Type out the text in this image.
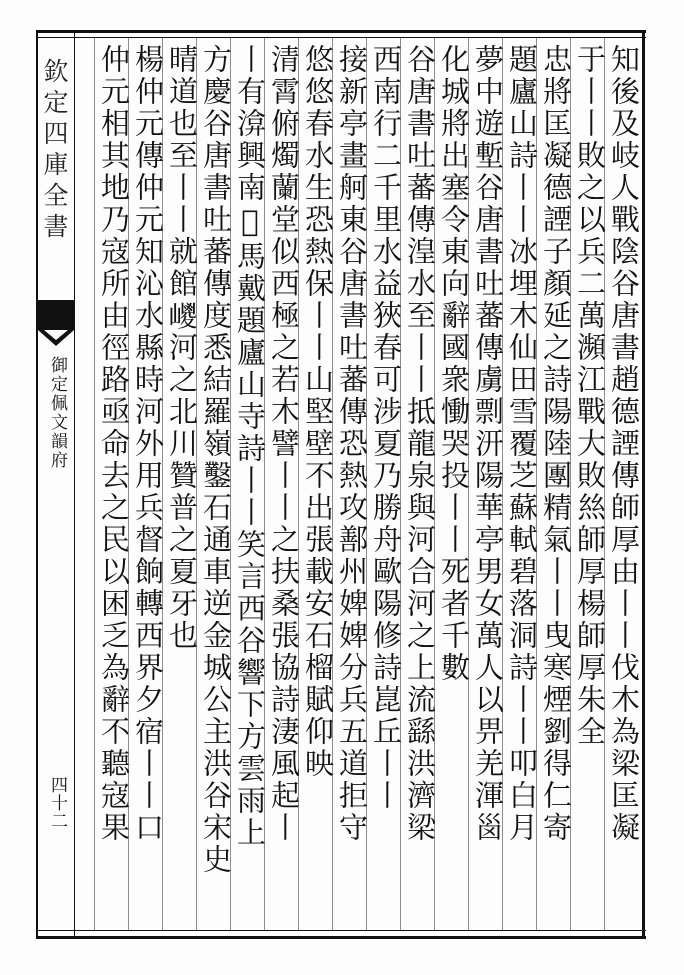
知後及岐人戰陰谷唐書趙德諲傳師厚由丨丨伐木為梁匡凝
于丨丨敗之以兵二萬瀕江戰大敗𢇁師厚楊師厚朱全
忠將匡凝德諲子顏延之詩陽陸團精氣丨丨曳寒煙劉得仁寄
題廬山詩丨丨冰埋木仙田雪覆芝蘇軾碧落洞詩丨丨叩白月
夢中遊塹谷唐書吐蕃傳虜剽汧陽華亭男女萬人以畀羌渾𡿺
化城將出塞令東向辭國衆慟哭投丨丨死者千數
谷唐書吐蕃傳湟水至丨丨抵龍泉與河合河之上流繇洪濟梁
西南行二千里水益狹春可涉夏乃勝舟歐陽修詩崑丘丨丨
接新亭畫舸東谷唐書吐蕃傳恐熱攻鄯州婢婢分兵五道拒守
悠悠春水生恐熱保丨丨山堅壁不出張載安石榴賦仰映
清霄俯燭蘭堂似西極之若木譬丨丨之扶桑張協詩淒風起丨
丨有渰興南𢧐馬戴題廬山寺詩丨丨笑言西谷響下方雲雨上
方慶谷唐書吐蕃傳度悉結羅嶺鑿石通車逆金城公主洪谷宋史
晴道也至丨丨就館𡽀河之北川贊普之夏牙也
楊仲元傳仲元知沁水縣時河外用兵督餉轉西界夕宿丨丨口
仲元相其地乃寇所由徑路亟命去之民以困乏為辭不聽寇果
欽定四庫全書
御定佩文韻府
四十二
